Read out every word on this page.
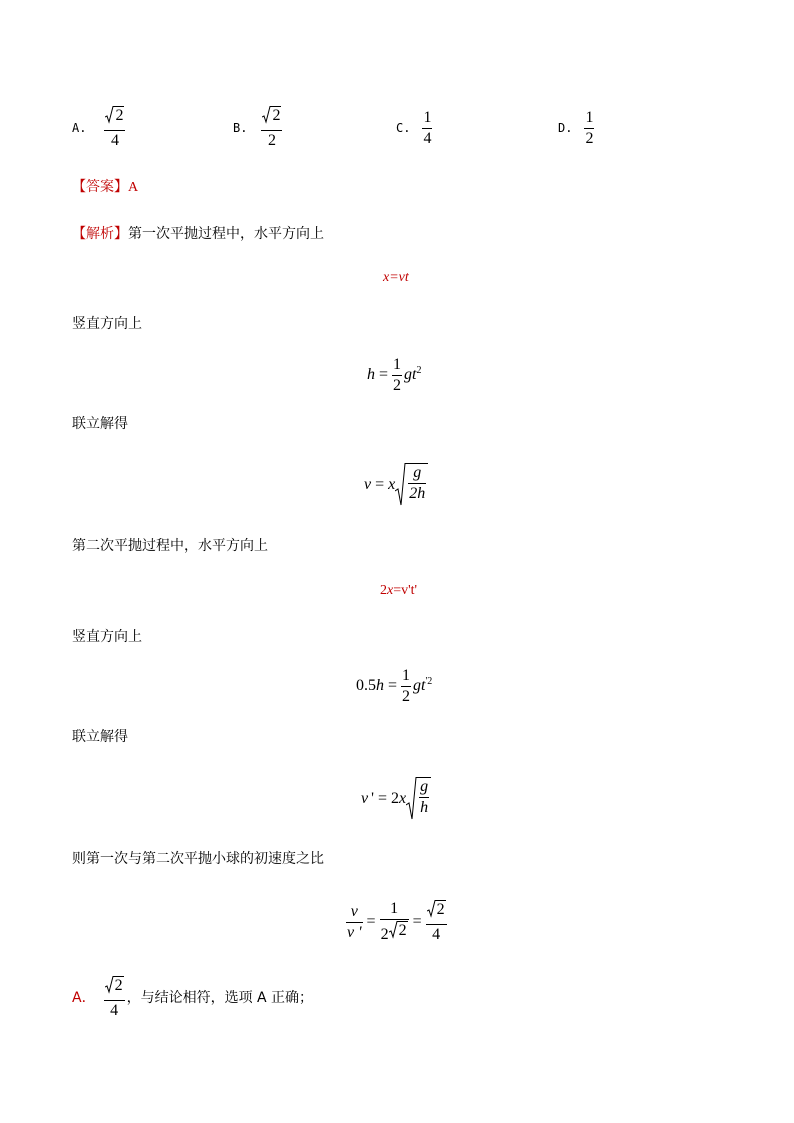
A. $\frac{2}{4}$	B. $\frac{2}{2}$	C. $\frac{1}{4}$	D. $\frac{1}{2}$
【答案】A
【解析】第一次平抛过程中，水平方向上
x=vt
竖直方向上
$h = \frac{1}{2} gt^2$
联立解得
v = x $\frac{g}{2h}$
第二次平抛过程中，水平方向上
2x=v't'
竖直方向上
0.5 $h = \frac{1}{2} gt^{'2}$
联立解得
v ' = 2 x $\frac{g}{h}$
则第一次与第二次平抛小球的初速度之比
$\frac{v}{v '} = \frac{1}{2 2} = \frac{2}{4}$
A． $\frac{2}{4}$ ，与结论相符，选项 A 正确；
